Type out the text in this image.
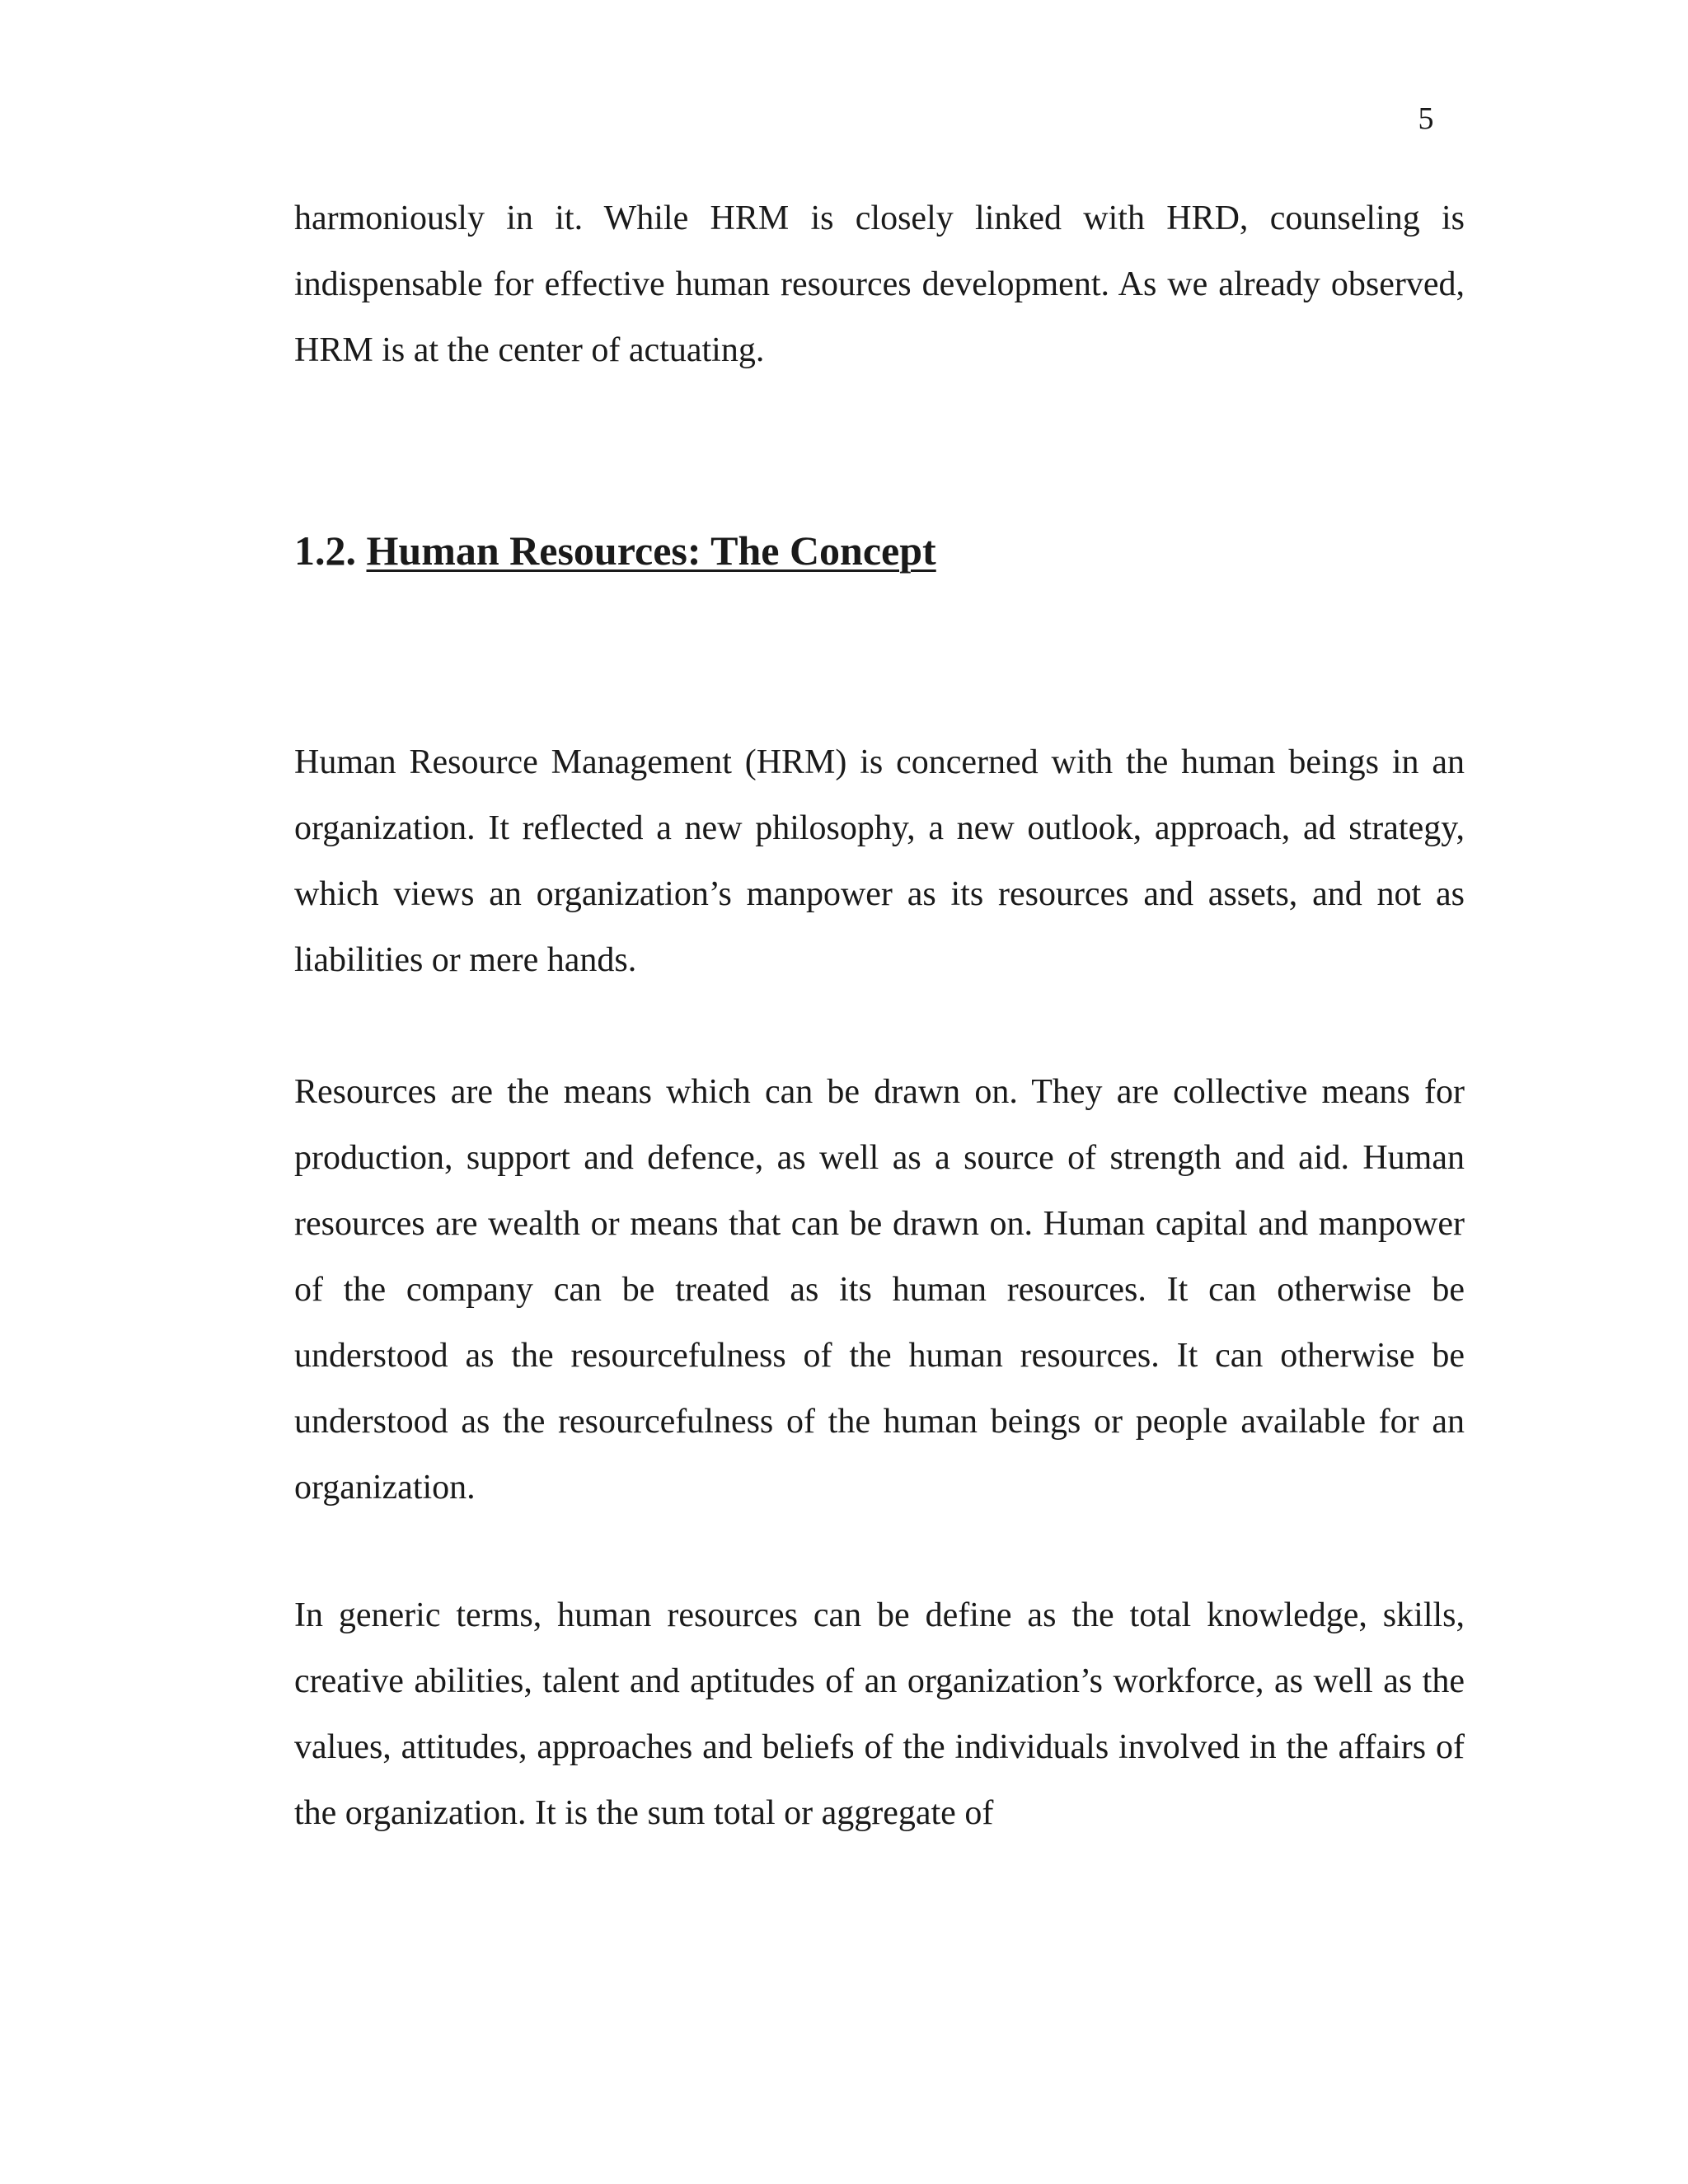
5

harmoniously in it. While HRM is closely linked with HRD, counseling is indispensable for effective human resources development. As we already observed, HRM is at the center of actuating.

1.2. Human Resources: The Concept

Human Resource Management (HRM) is concerned with the human beings in an organization. It reflected a new philosophy, a new outlook, approach, ad strategy, which views an organization’s manpower as its resources and assets, and not as liabilities or mere hands.

Resources are the means which can be drawn on. They are collective means for production, support and defence, as well as a source of strength and aid. Human resources are wealth or means that can be drawn on. Human capital and manpower of the company can be treated as its human resources. It can otherwise be understood as the resourcefulness of the human resources. It can otherwise be understood as the resourcefulness of the human beings or people available for an organization.

In generic terms, human resources can be define as the total knowledge, skills, creative abilities, talent and aptitudes of an organization’s workforce, as well as the values, attitudes, approaches and beliefs of the individuals involved in the affairs of the organization. It is the sum total or aggregate of
